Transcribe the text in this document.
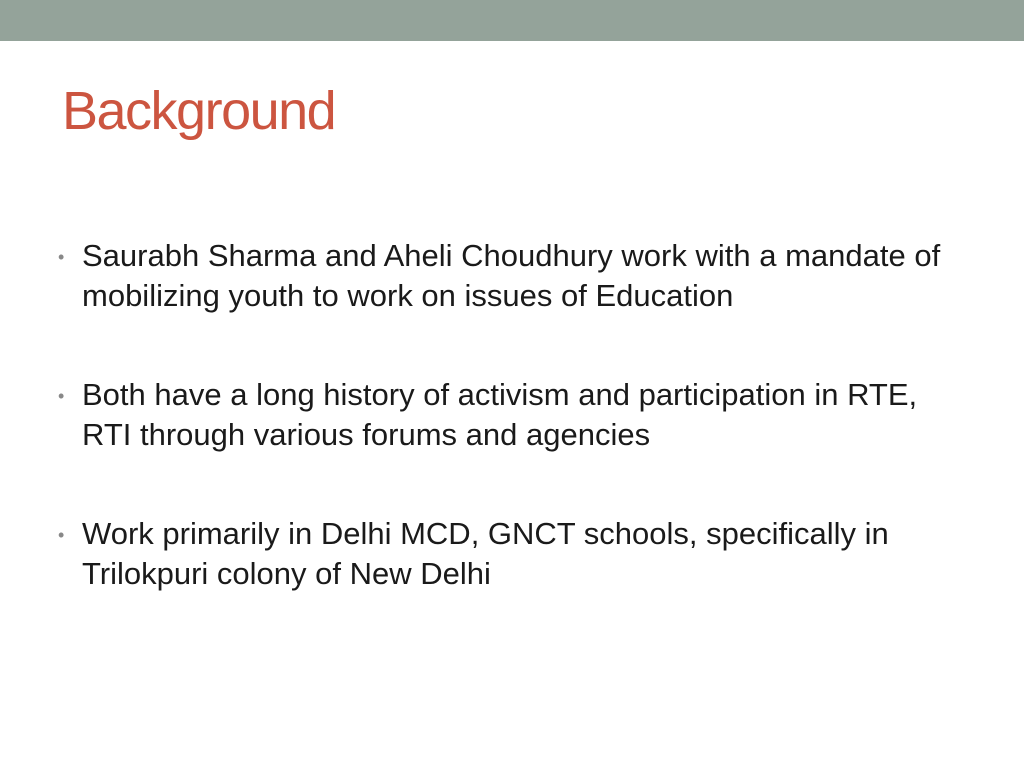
Background
• Saurabh Sharma and Aheli Choudhury work with a mandate of mobilizing youth to work on issues of Education
• Both have a long history of activism and participation in RTE, RTI through various forums and agencies
• Work primarily in Delhi MCD, GNCT schools, specifically in Trilokpuri colony of New Delhi
